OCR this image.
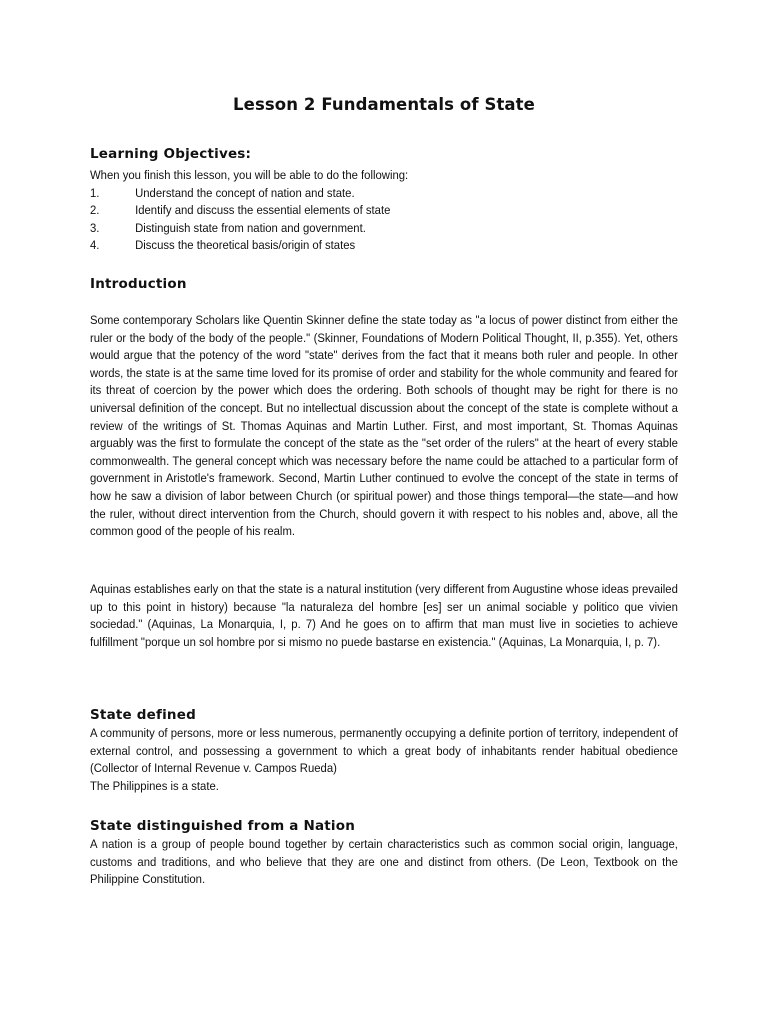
Lesson 2 Fundamentals of State
Learning Objectives:

When you finish this lesson, you will be able to do the following:

1.	Understand the concept of nation and state.
2.	Identify and discuss the essential elements of state
3.	Distinguish state from nation and government.
4.	Discuss the theoretical basis/origin of states
Introduction

Some contemporary Scholars like Quentin Skinner define the state today as "a locus of power distinct from either the ruler or the body of the body of the people." (Skinner, Foundations of Modern Political Thought, II, p.355). Yet, others would argue that the potency of the word "state" derives from the fact that it means both ruler and people. In other words, the state is at the same time loved for its promise of order and stability for the whole community and feared for its threat of coercion by the power which does the ordering. Both schools of thought may be right for there is no universal definition of the concept. But no intellectual discussion about the concept of the state is complete without a review of the writings of St. Thomas Aquinas and Martin Luther. First, and most important, St. Thomas Aquinas arguably was the first to formulate the concept of the state as the "set order of the rulers" at the heart of every stable commonwealth. The general concept which was necessary before the name could be attached to a particular form of government in Aristotle's framework. Second, Martin Luther continued to evolve the concept of the state in terms of how he saw a division of labor between Church (or spiritual power) and those things temporal—the state—and how the ruler, without direct intervention from the Church, should govern it with respect to his nobles and, above, all the common good of the people of his realm.

Aquinas establishes early on that the state is a natural institution (very different from Augustine whose ideas prevailed up to this point in history) because "la naturaleza del hombre [es] ser un animal sociable y politico que vivien sociedad." (Aquinas, La Monarquia, I, p. 7) And he goes on to affirm that man must live in societies to achieve fulfillment "porque un sol hombre por si mismo no puede bastarse en existencia." (Aquinas, La Monarquia, I, p. 7).

State defined

A community of persons, more or less numerous, permanently occupying a definite portion of territory, independent of external control, and possessing a government to which a great body of inhabitants render habitual obedience (Collector of Internal Revenue v. Campos Rueda)

The Philippines is a state.

State distinguished from a Nation

A nation is a group of people bound together by certain characteristics such as common social origin, language, customs and traditions, and who believe that they are one and distinct from others. (De Leon, Textbook on the Philippine Constitution.
